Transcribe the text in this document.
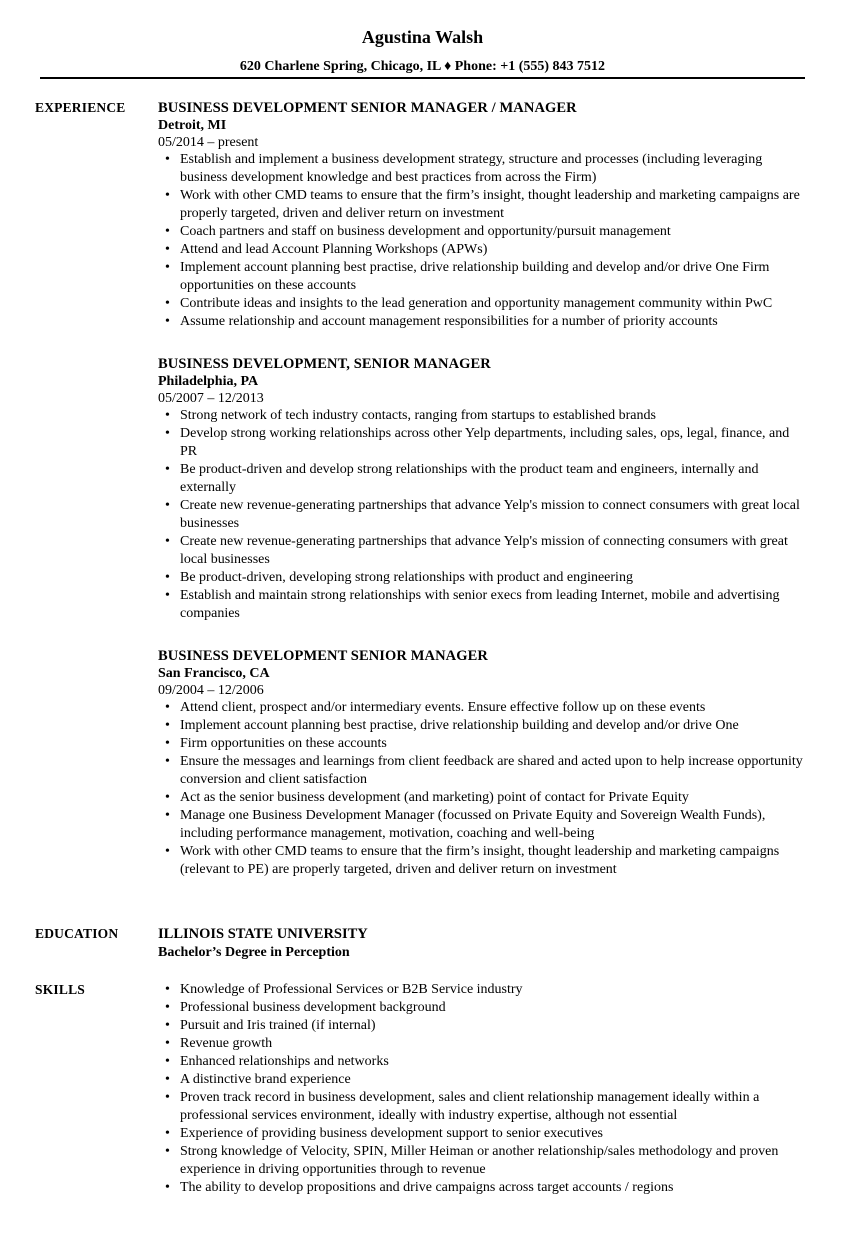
Agustina Walsh
620 Charlene Spring, Chicago, IL ♦ Phone: +1 (555) 843 7512
EXPERIENCE BUSINESS DEVELOPMENT SENIOR MANAGER / MANAGER
Detroit, MI
05/2014 – present
• Establish and implement a business development strategy, structure and processes (including leveraging business development knowledge and best practices from across the Firm)
• Work with other CMD teams to ensure that the firm’s insight, thought leadership and marketing campaigns are properly targeted, driven and deliver return on investment
• Coach partners and staff on business development and opportunity/pursuit management
• Attend and lead Account Planning Workshops (APWs)
• Implement account planning best practise, drive relationship building and develop and/or drive One Firm opportunities on these accounts
• Contribute ideas and insights to the lead generation and opportunity management community within PwC
• Assume relationship and account management responsibilities for a number of priority accounts
BUSINESS DEVELOPMENT, SENIOR MANAGER
Philadelphia, PA
05/2007 – 12/2013
• Strong network of tech industry contacts, ranging from startups to established brands
• Develop strong working relationships across other Yelp departments, including sales, ops, legal, finance, and PR
• Be product-driven and develop strong relationships with the product team and engineers, internally and externally
• Create new revenue-generating partnerships that advance Yelp's mission to connect consumers with great local businesses
• Create new revenue-generating partnerships that advance Yelp's mission of connecting consumers with great local businesses
• Be product-driven, developing strong relationships with product and engineering
• Establish and maintain strong relationships with senior execs from leading Internet, mobile and advertising companies
BUSINESS DEVELOPMENT SENIOR MANAGER
San Francisco, CA
09/2004 – 12/2006
• Attend client, prospect and/or intermediary events. Ensure effective follow up on these events
• Implement account planning best practise, drive relationship building and develop and/or drive One
• Firm opportunities on these accounts
• Ensure the messages and learnings from client feedback are shared and acted upon to help increase opportunity conversion and client satisfaction
• Act as the senior business development (and marketing) point of contact for Private Equity
• Manage one Business Development Manager (focussed on Private Equity and Sovereign Wealth Funds), including performance management, motivation, coaching and well-being
• Work with other CMD teams to ensure that the firm’s insight, thought leadership and marketing campaigns (relevant to PE) are properly targeted, driven and deliver return on investment
EDUCATION	ILLINOIS STATE UNIVERSITY
Bachelor’s Degree in Perception
SKILLS
•	Knowledge of Professional Services or B2B Service industry
• Professional business development background
• Pursuit and Iris trained (if internal)
• Revenue growth
• Enhanced relationships and networks
• A distinctive brand experience
• Proven track record in business development, sales and client relationship management ideally within a professional services environment, ideally with industry expertise, although not essential
• Experience of providing business development support to senior executives
• Strong knowledge of Velocity, SPIN, Miller Heiman or another relationship/sales methodology and proven experience in driving opportunities through to revenue
• The ability to develop propositions and drive campaigns across target accounts / regions
